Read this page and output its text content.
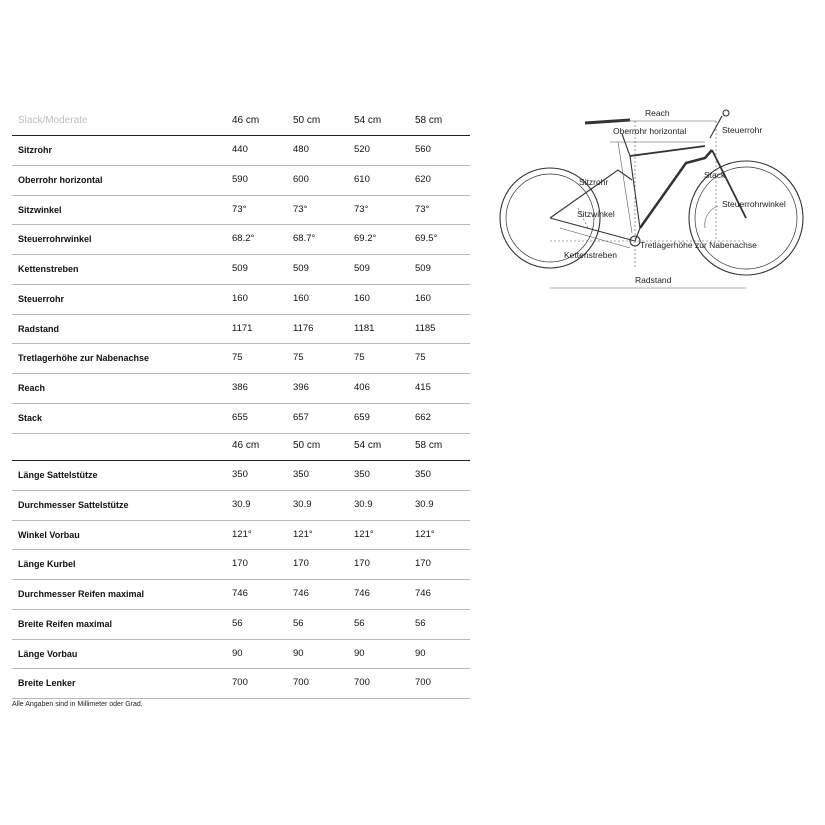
Slack/Moderate	46 cm	50 cm	54 cm	58 cm
Sitzrohr	440	480	520	560
Oberrohr horizontal	590	600	610	620
Sitzwinkel	73°	73°	73°	73°
Steuerrohrwinkel	68.2°	68.7°	69.2°	69.5°
Kettenstreben	509	509	509	509
Steuerrohr	160	160	160	160
Radstand	1171	1176	1181	1185
Tretlagerhöhe zur Nabenachse	75	75	75	75
Reach	386	396	406	415
Stack	655	657	659	662
46 cm	50 cm	54 cm	58 cm
Länge Sattelstütze	350	350	350	350
Durchmesser Sattelstütze	30.9	30.9	30.9	30.9
Winkel Vorbau	121°	121°	121°	121°
Länge Kurbel	170	170	170	170
Durchmesser Reifen maximal	746	746	746	746
Breite Reifen maximal	56	56	56	56
Länge Vorbau	90	90	90	90
Breite Lenker	700	700	700	700
Alle Angaben sind in Millimeter oder Grad.
Reach
Oberrohr horizontal	Steuerrohr
Sitzrohr
Stack
Steuerrohrwinkel
Sitzwinkel
Tretlagerhöhe zur Nabenachse
Kettenstreben
Radstand
